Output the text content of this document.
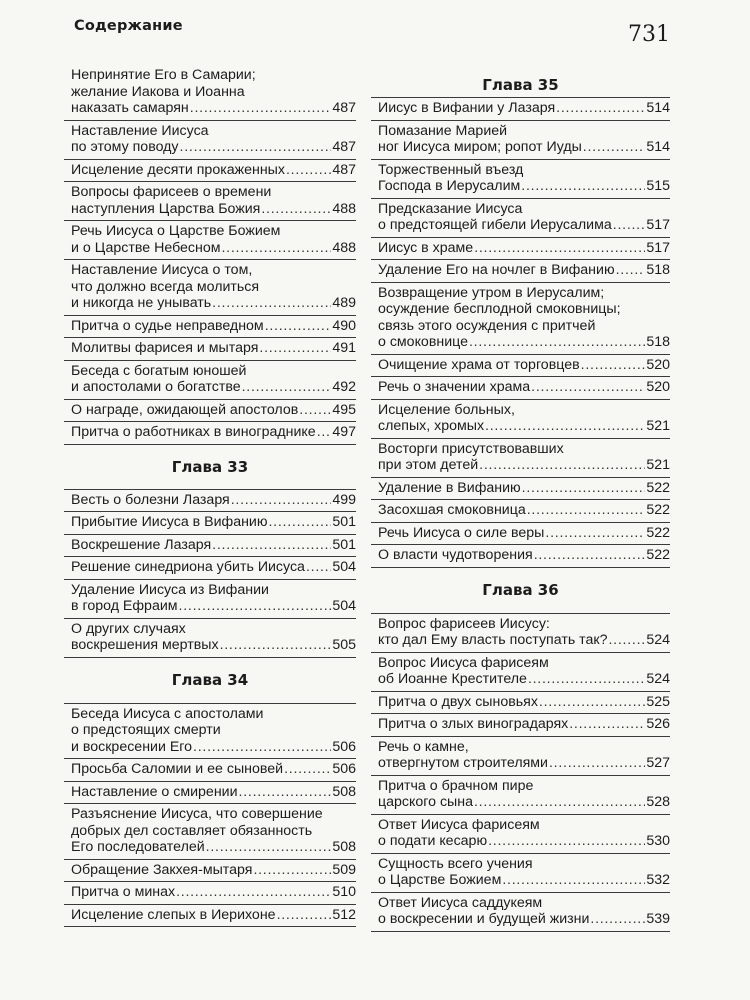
Содержание	731
Непринятие Его в Самарии;
желание Иакова и Иоанна
наказать самарян . . .	487
Наставление Иисуса
по этому поводу . . .	487
Исцеление десяти прокаженных . . .	487
Вопросы фарисеев о времени
наступления Царства Божия . . .	488
Речь Иисуса о Царстве Божием
и о Царстве Небесном . . .	488
Наставление Иисуса о том,
что должно всегда молиться
и никогда не унывать . . .	489
Притча о судье неправедном . . .	490
Молитвы фарисея и мытаря . . .	491
Беседа с богатым юношей
и апостолами о богатстве . . .	492
О награде, ожидающей апостолов . . . 495
Притча о работниках в винограднике . . . 497
Глава 33
Весть о болезни Лазаря . . .	499
Прибытие Иисуса в Вифанию . . .	501
Воскрешение Лазаря . . .	501
Решение синедриона убить Иисуса . . . 504
Удаление Иисуса из Вифании
в город Ефраим . . .	504
О других случаях
воскрешения мертвых . . .	505
Глава 34
Беседа Иисуса с апостолами
о предстоящих смерти
и воскресении Его . . .	506
Просьба Саломии и ее сыновей . . .	506
Наставление о смирении . . .	508
Разъяснение Иисуса, что совершение
добрых дел составляет обязанность
Его последователей . . .	508
Обращение Закхея-мытаря . . .	509
Притча о минах . . .	510
Исцеление слепых в Иерихоне . . .	512
Глава 35
Иисус в Вифании у Лазаря . . .	514
Помазание Марией
ног Иисуса миром; ропот Иуды . . .	514
Торжественный въезд
Господа в Иерусалим . . .	515
Предсказание Иисуса
о предстоящей гибели Иерусалима . . . 517
Иисус в храме . . .	517
Удаление Его на ночлег в Вифанию . . . 518
Возвращение утром в Иерусалим;
осуждение бесплодной смоковницы;
связь этого осуждения с притчей
о смоковнице . . .	518
Очищение храма от торговцев . . .	520
Речь о значении храма . . .	520
Исцеление больных,
слепых, хромых . . .	521
Восторги присутствовавших
при этом детей . . .	521
Удаление в Вифанию . . .	522
Засохшая смоковница . . .	522
Речь Иисуса о силе веры . . .	522
О власти чудотворения . . .	522
Глава 36
Вопрос фарисеев Иисусу:
кто дал Ему власть поступать так? . . .	524
Вопрос Иисуса фарисеям
об Иоанне Крестителе . . .	524
Притча о двух сыновьях . . .	525
Притча о злых виноградарях . . .	526
Речь о камне,
отвергнутом строителями . . .	527
Притча о брачном пире
царского сына . . .	528
Ответ Иисуса фарисеям
о подати кесарю . . .	530
Сущность всего учения
о Царстве Божием . . .	532
Ответ Иисуса саддукеям
о воскресении и будущей жизни . . .	539
